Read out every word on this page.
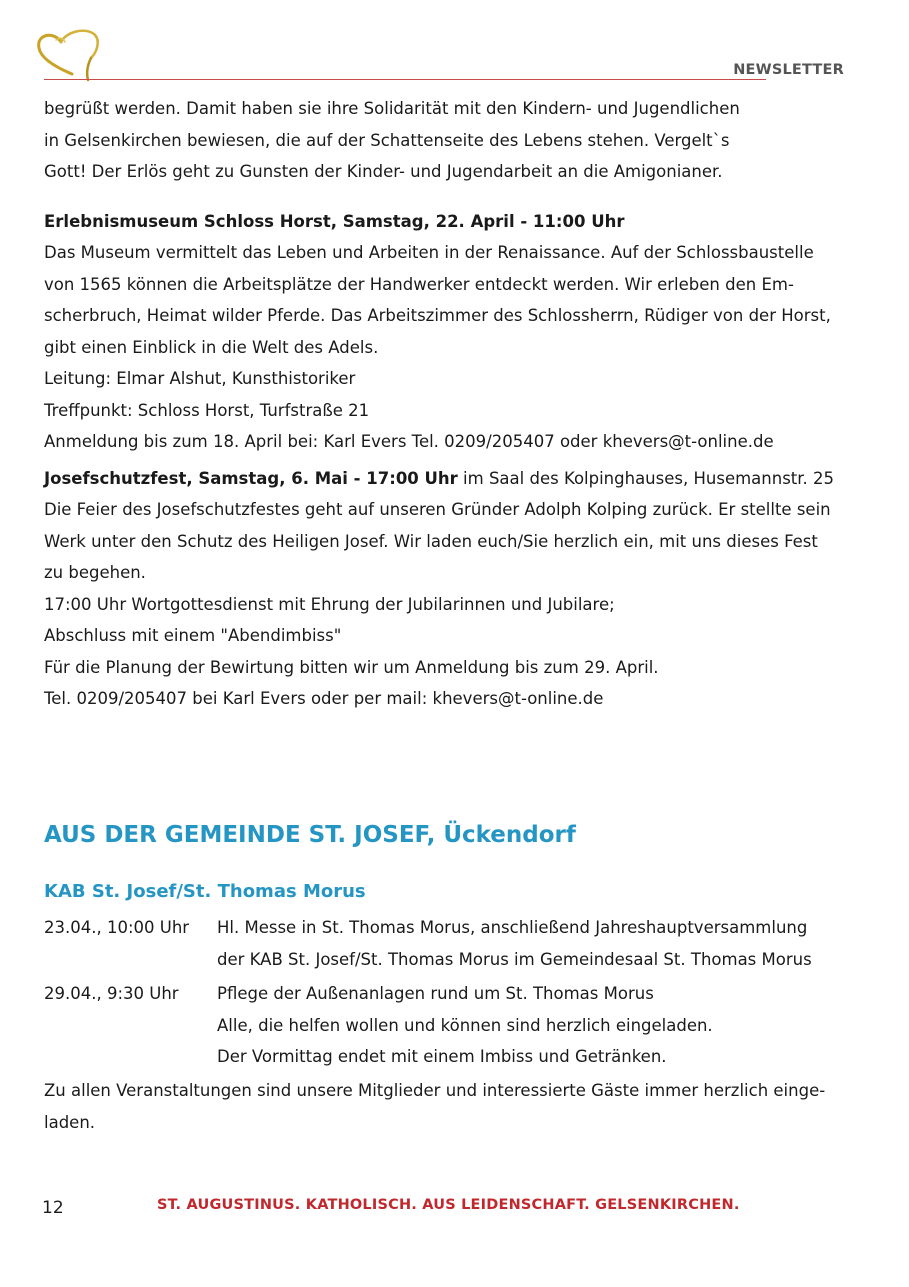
NEWSLETTER
begrüßt werden. Damit haben sie ihre Solidarität mit den Kindern- und Jugendlichen
in Gelsenkirchen bewiesen, die auf der Schattenseite des Lebens stehen. Vergelt`s
Gott! Der Erlös geht zu Gunsten der Kinder- und Jugendarbeit an die Amigonianer.
Erlebnismuseum Schloss Horst, Samstag, 22. April - 11:00 Uhr
Das Museum vermittelt das Leben und Arbeiten in der Renaissance. Auf der Schlossbaustelle
von 1565 können die Arbeitsplätze der Handwerker entdeckt werden. Wir erleben den Em-
scherbruch, Heimat wilder Pferde. Das Arbeitszimmer des Schlossherrn, Rüdiger von der Horst,
gibt einen Einblick in die Welt des Adels.
Leitung: Elmar Alshut, Kunsthistoriker
Treffpunkt: Schloss Horst, Turfstraße 21
Anmeldung bis zum 18. April bei: Karl Evers Tel. 0209/205407 oder khevers@t-online.de
Josefschutzfest, Samstag, 6. Mai - 17:00 Uhr im Saal des Kolpinghauses, Husemannstr. 25
Die Feier des Josefschutzfestes geht auf unseren Gründer Adolph Kolping zurück. Er stellte sein
Werk unter den Schutz des Heiligen Josef. Wir laden euch/Sie herzlich ein, mit uns dieses Fest
zu begehen.
17:00 Uhr Wortgottesdienst mit Ehrung der Jubilarinnen und Jubilare;
Abschluss mit einem "Abendimbiss"
Für die Planung der Bewirtung bitten wir um Anmeldung bis zum 29. April.
Tel. 0209/205407 bei Karl Evers oder per mail: khevers@t-online.de
AUS DER GEMEINDE ST. JOSEF, Ückendorf
KAB St. Josef/St. Thomas Morus
23.04., 10:00 Uhr	Hl. Messe in St. Thomas Morus, anschließend Jahreshauptversammlung
der KAB St. Josef/St. Thomas Morus im Gemeindesaal St. Thomas Morus
29.04., 9:30 Uhr	Pflege der Außenanlagen rund um St. Thomas Morus
Alle, die helfen wollen und können sind herzlich eingeladen.
Der Vormittag endet mit einem Imbiss und Getränken.
Zu allen Veranstaltungen sind unsere Mitglieder und interessierte Gäste immer herzlich einge-
laden.
12	ST. AUGUSTINUS. KATHOLISCH. AUS LEIDENSCHAFT. GELSENKIRCHEN.
